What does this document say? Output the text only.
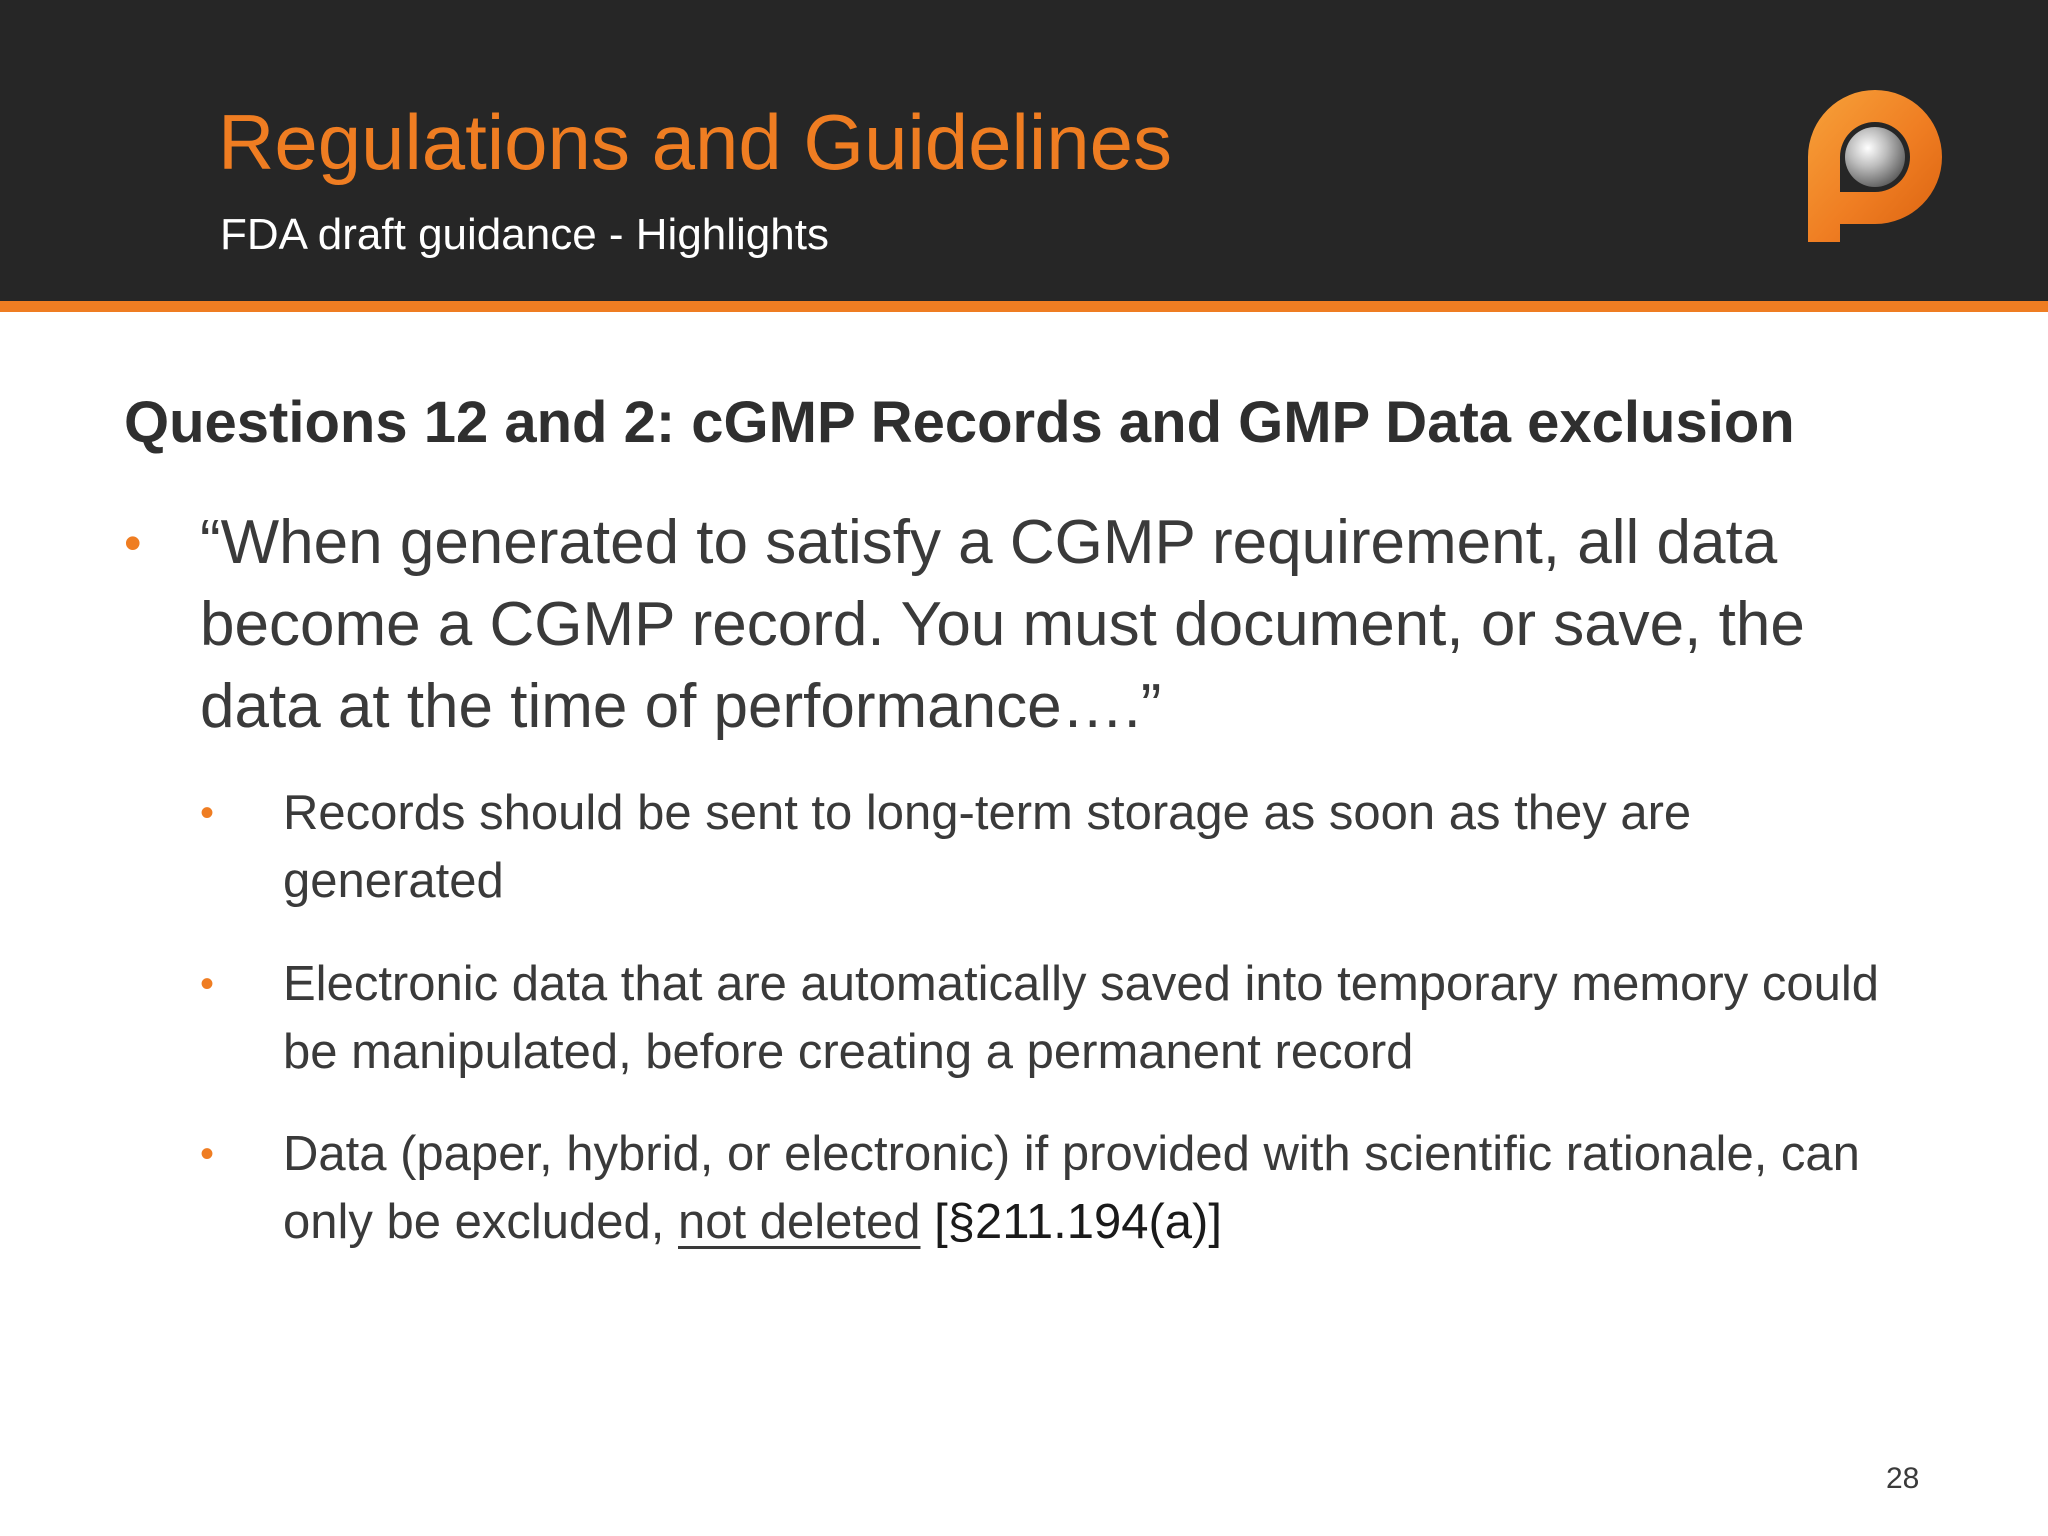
Regulations and Guidelines
FDA draft guidance - Highlights
Questions 12 and 2: cGMP Records and GMP Data exclusion
• “When generated to satisfy a CGMP requirement, all data become a CGMP record. You must document, or save, the data at the time of performance….”
• Records should be sent to long-term storage as soon as they are generated
• Electronic data that are automatically saved into temporary memory could be manipulated, before creating a permanent record
• Data (paper, hybrid, or electronic) if provided with scientific rationale, can only be excluded, not deleted [§211.194(a)]
28
